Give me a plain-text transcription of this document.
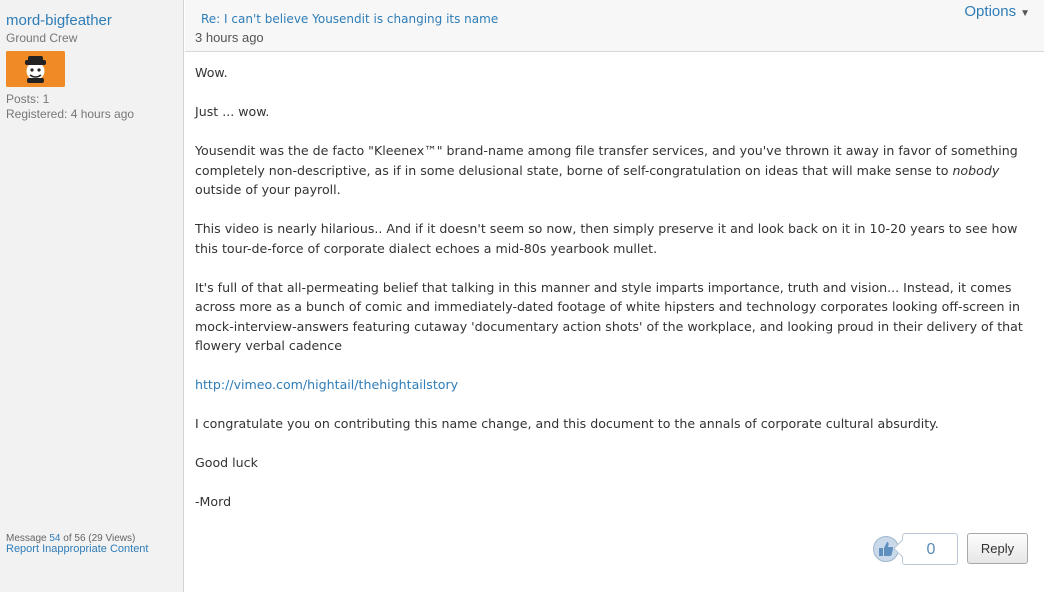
mord-bigfeather
Ground Crew
Posts: 1
Registered: 4 hours ago
Message 54 of 56 (29 Views)
Report Inappropriate Content
Re: I can't believe Yousendit is changing its name
3 hours ago
Options ▼

Wow.

Just ... wow.

Yousendit was the de facto "Kleenex™" brand-name among file transfer services, and you've thrown it away in favor of something completely non-descriptive, as if in some delusional state, borne of self-congratulation on ideas that will make sense to nobody outside of your payroll.

This video is nearly hilarious.. And if it doesn't seem so now, then simply preserve it and look back on it in 10-20 years to see how this tour-de-force of corporate dialect echoes a mid-80s yearbook mullet.

It's full of that all-permeating belief that talking in this manner and style imparts importance, truth and vision... Instead, it comes across more as a bunch of comic and immediately-dated footage of white hipsters and technology corporates looking off-screen in mock-interview-answers featuring cutaway 'documentary action shots' of the workplace, and looking proud in their delivery of that flowery verbal cadence

http://vimeo.com/hightail/thehightailstory

I congratulate you on contributing this name change, and this document to the annals of corporate cultural absurdity.

Good luck

-Mord

0	Reply
